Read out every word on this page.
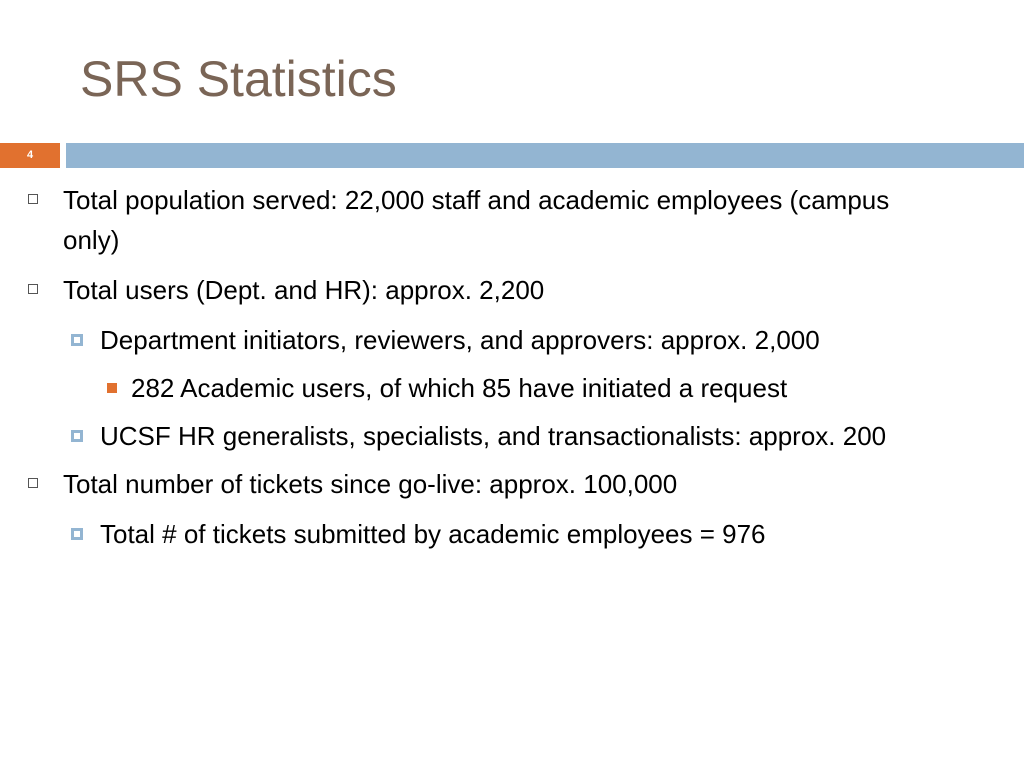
SRS Statistics
4
Total population served: 22,000 staff and academic employees (campus only)
Total users (Dept. and HR): approx. 2,200
Department initiators, reviewers, and approvers: approx. 2,000
282 Academic users, of which 85 have initiated a request
UCSF HR generalists, specialists, and transactionalists: approx. 200
Total number of tickets since go-live: approx. 100,000
Total # of tickets submitted by academic employees = 976
